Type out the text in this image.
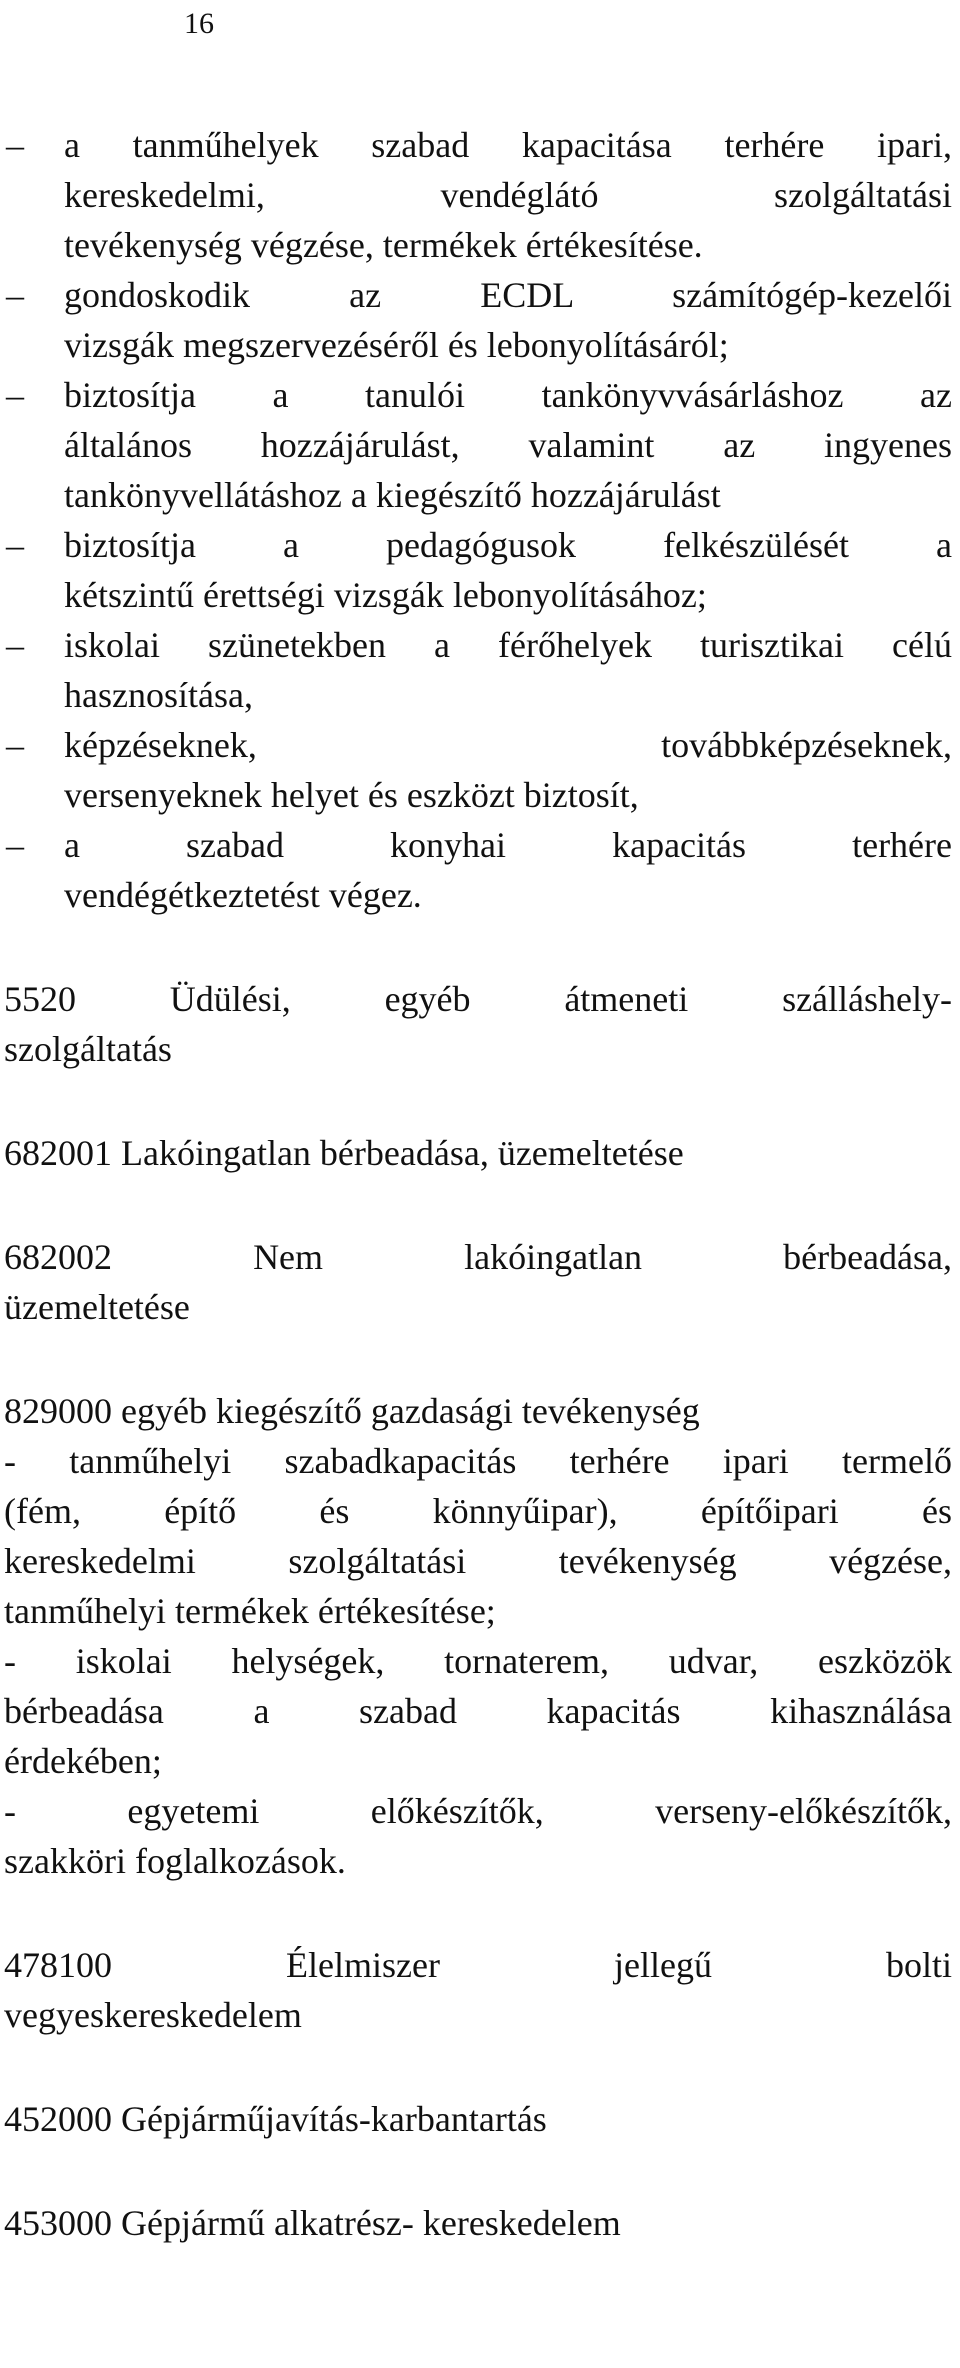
16
– a tanműhelyek szabad kapacitása terhére ipari,
kereskedelmi, vendéglátó szolgáltatási
tevékenység végzése, termékek értékesítése.
– gondoskodik az ECDL számítógép-kezelői
vizsgák megszervezéséről és lebonyolításáról;
– biztosítja a tanulói tankönyvvásárláshoz az
általános hozzájárulást, valamint az ingyenes
tankönyvellátáshoz a kiegészítő hozzájárulást
– biztosítja a pedagógusok felkészülését a
kétszintű érettségi vizsgák lebonyolításához;
– iskolai szünetekben a férőhelyek turisztikai célú
hasznosítása,
– képzéseknek, továbbképzéseknek,
versenyeknek helyet és eszközt biztosít,
– a szabad konyhai kapacitás terhére
vendégétkeztetést végez.
5520 Üdülési, egyéb átmeneti szálláshely-
szolgáltatás
682001 Lakóingatlan bérbeadása, üzemeltetése
682002 Nem lakóingatlan bérbeadása,
üzemeltetése
829000 egyéb kiegészítő gazdasági tevékenység
- tanműhelyi szabadkapacitás terhére ipari termelő
(fém, építő és könnyűipar), építőipari és
kereskedelmi szolgáltatási tevékenység végzése,
tanműhelyi termékek értékesítése;
- iskolai helységek, tornaterem, udvar, eszközök
bérbeadása a szabad kapacitás kihasználása
érdekében;
- egyetemi előkészítők, verseny-előkészítők,
szakköri foglalkozások.
478100 Élelmiszer jellegű bolti
vegyeskereskedelem
452000 Gépjárműjavítás-karbantartás
453000 Gépjármű alkatrész- kereskedelem
